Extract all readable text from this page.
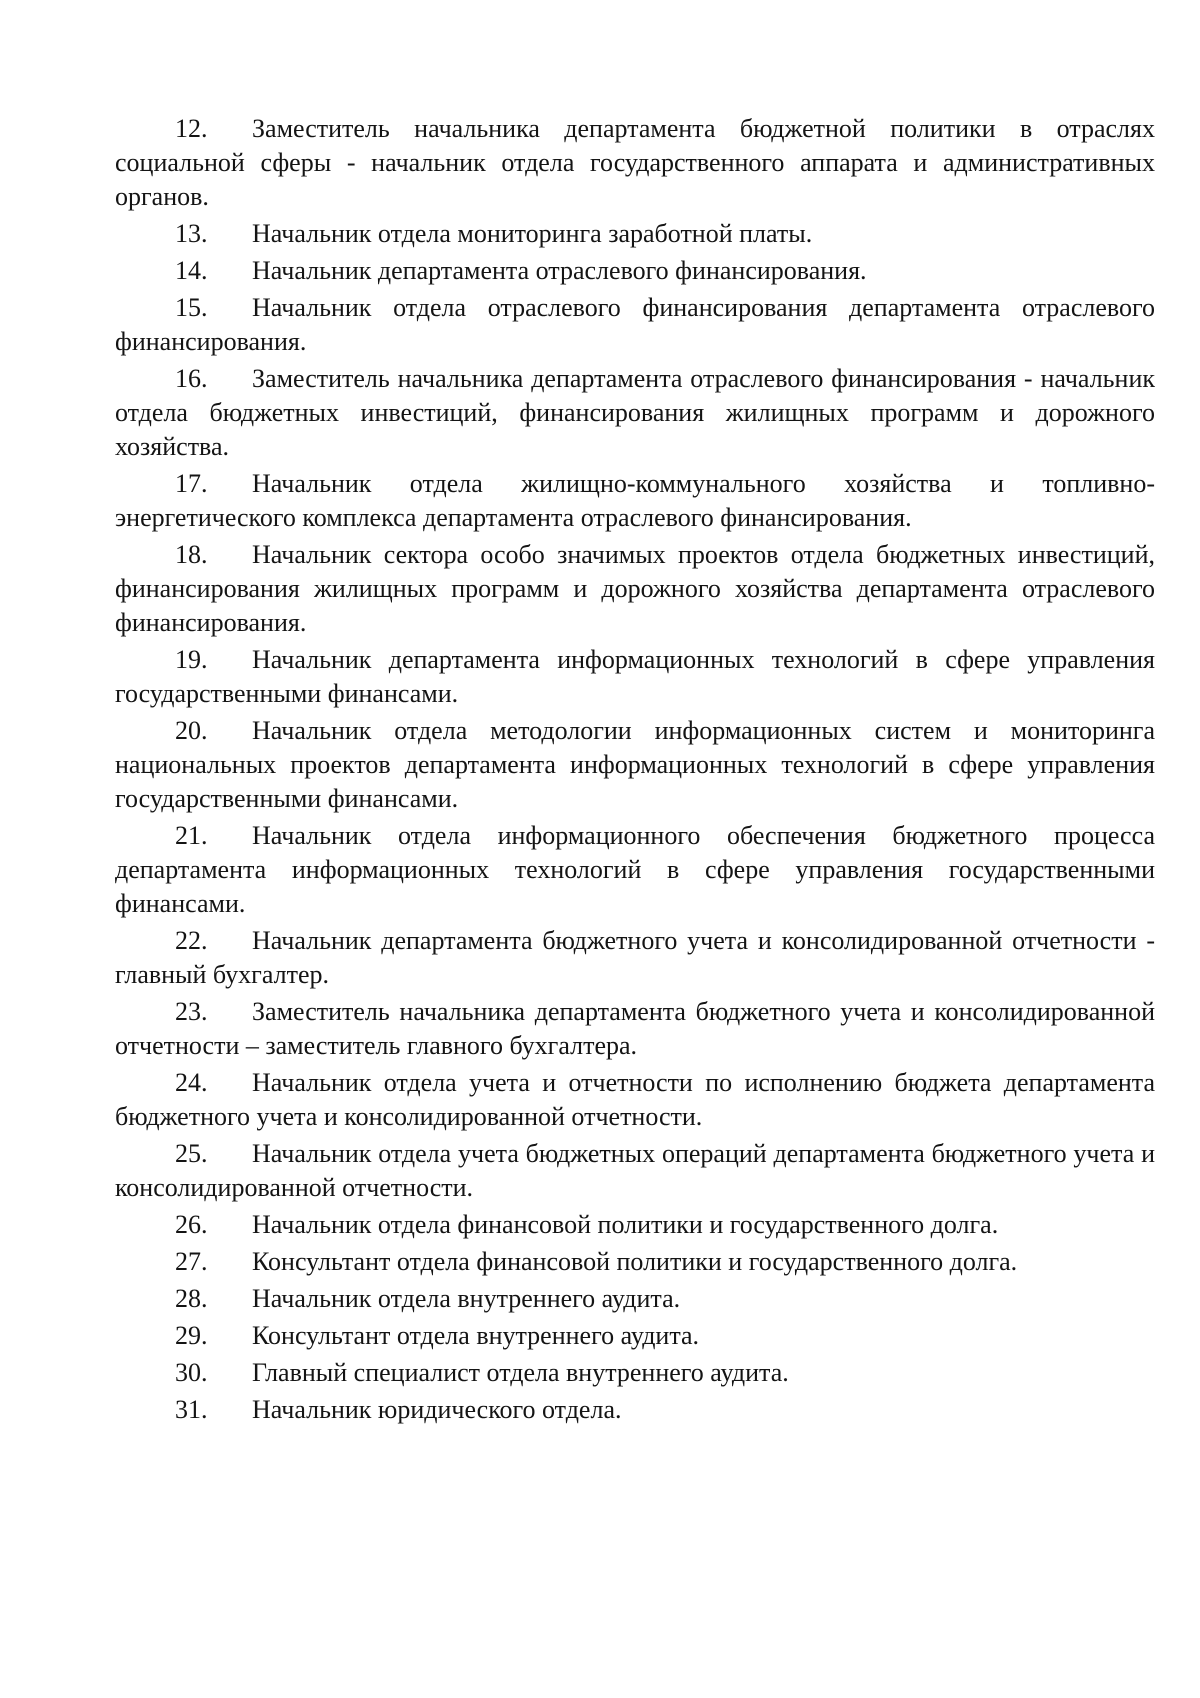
12. Заместитель начальника департамента бюджетной политики в отраслях социальной сферы - начальник отдела государственного аппарата и административных органов.

13. Начальник отдела мониторинга заработной платы.

14. Начальник департамента отраслевого финансирования.

15. Начальник отдела отраслевого финансирования департамента отраслевого финансирования.

16. Заместитель начальника департамента отраслевого финансирования - начальник отдела бюджетных инвестиций, финансирования жилищных программ и дорожного хозяйства.

17. Начальник отдела жилищно-коммунального хозяйства и топливно-энергетического комплекса департамента отраслевого финансирования.

18. Начальник сектора особо значимых проектов отдела бюджетных инвестиций, финансирования жилищных программ и дорожного хозяйства департамента отраслевого финансирования.

19. Начальник департамента информационных технологий в сфере управления государственными финансами.

20. Начальник отдела методологии информационных систем и мониторинга национальных проектов департамента информационных технологий в сфере управления государственными финансами.

21. Начальник отдела информационного обеспечения бюджетного процесса департамента информационных технологий в сфере управления государственными финансами.

22. Начальник департамента бюджетного учета и консолидированной отчетности - главный бухгалтер.

23. Заместитель начальника департамента бюджетного учета и консолидированной отчетности – заместитель главного бухгалтера.

24. Начальник отдела учета и отчетности по исполнению бюджета департамента бюджетного учета и консолидированной отчетности.

25. Начальник отдела учета бюджетных операций департамента бюджетного учета и консолидированной отчетности.

26. Начальник отдела финансовой политики и государственного долга.

27. Консультант отдела финансовой политики и государственного долга.

28. Начальник отдела внутреннего аудита.

29. Консультант отдела внутреннего аудита.

30. Главный специалист отдела внутреннего аудита.

31. Начальник юридического отдела.
